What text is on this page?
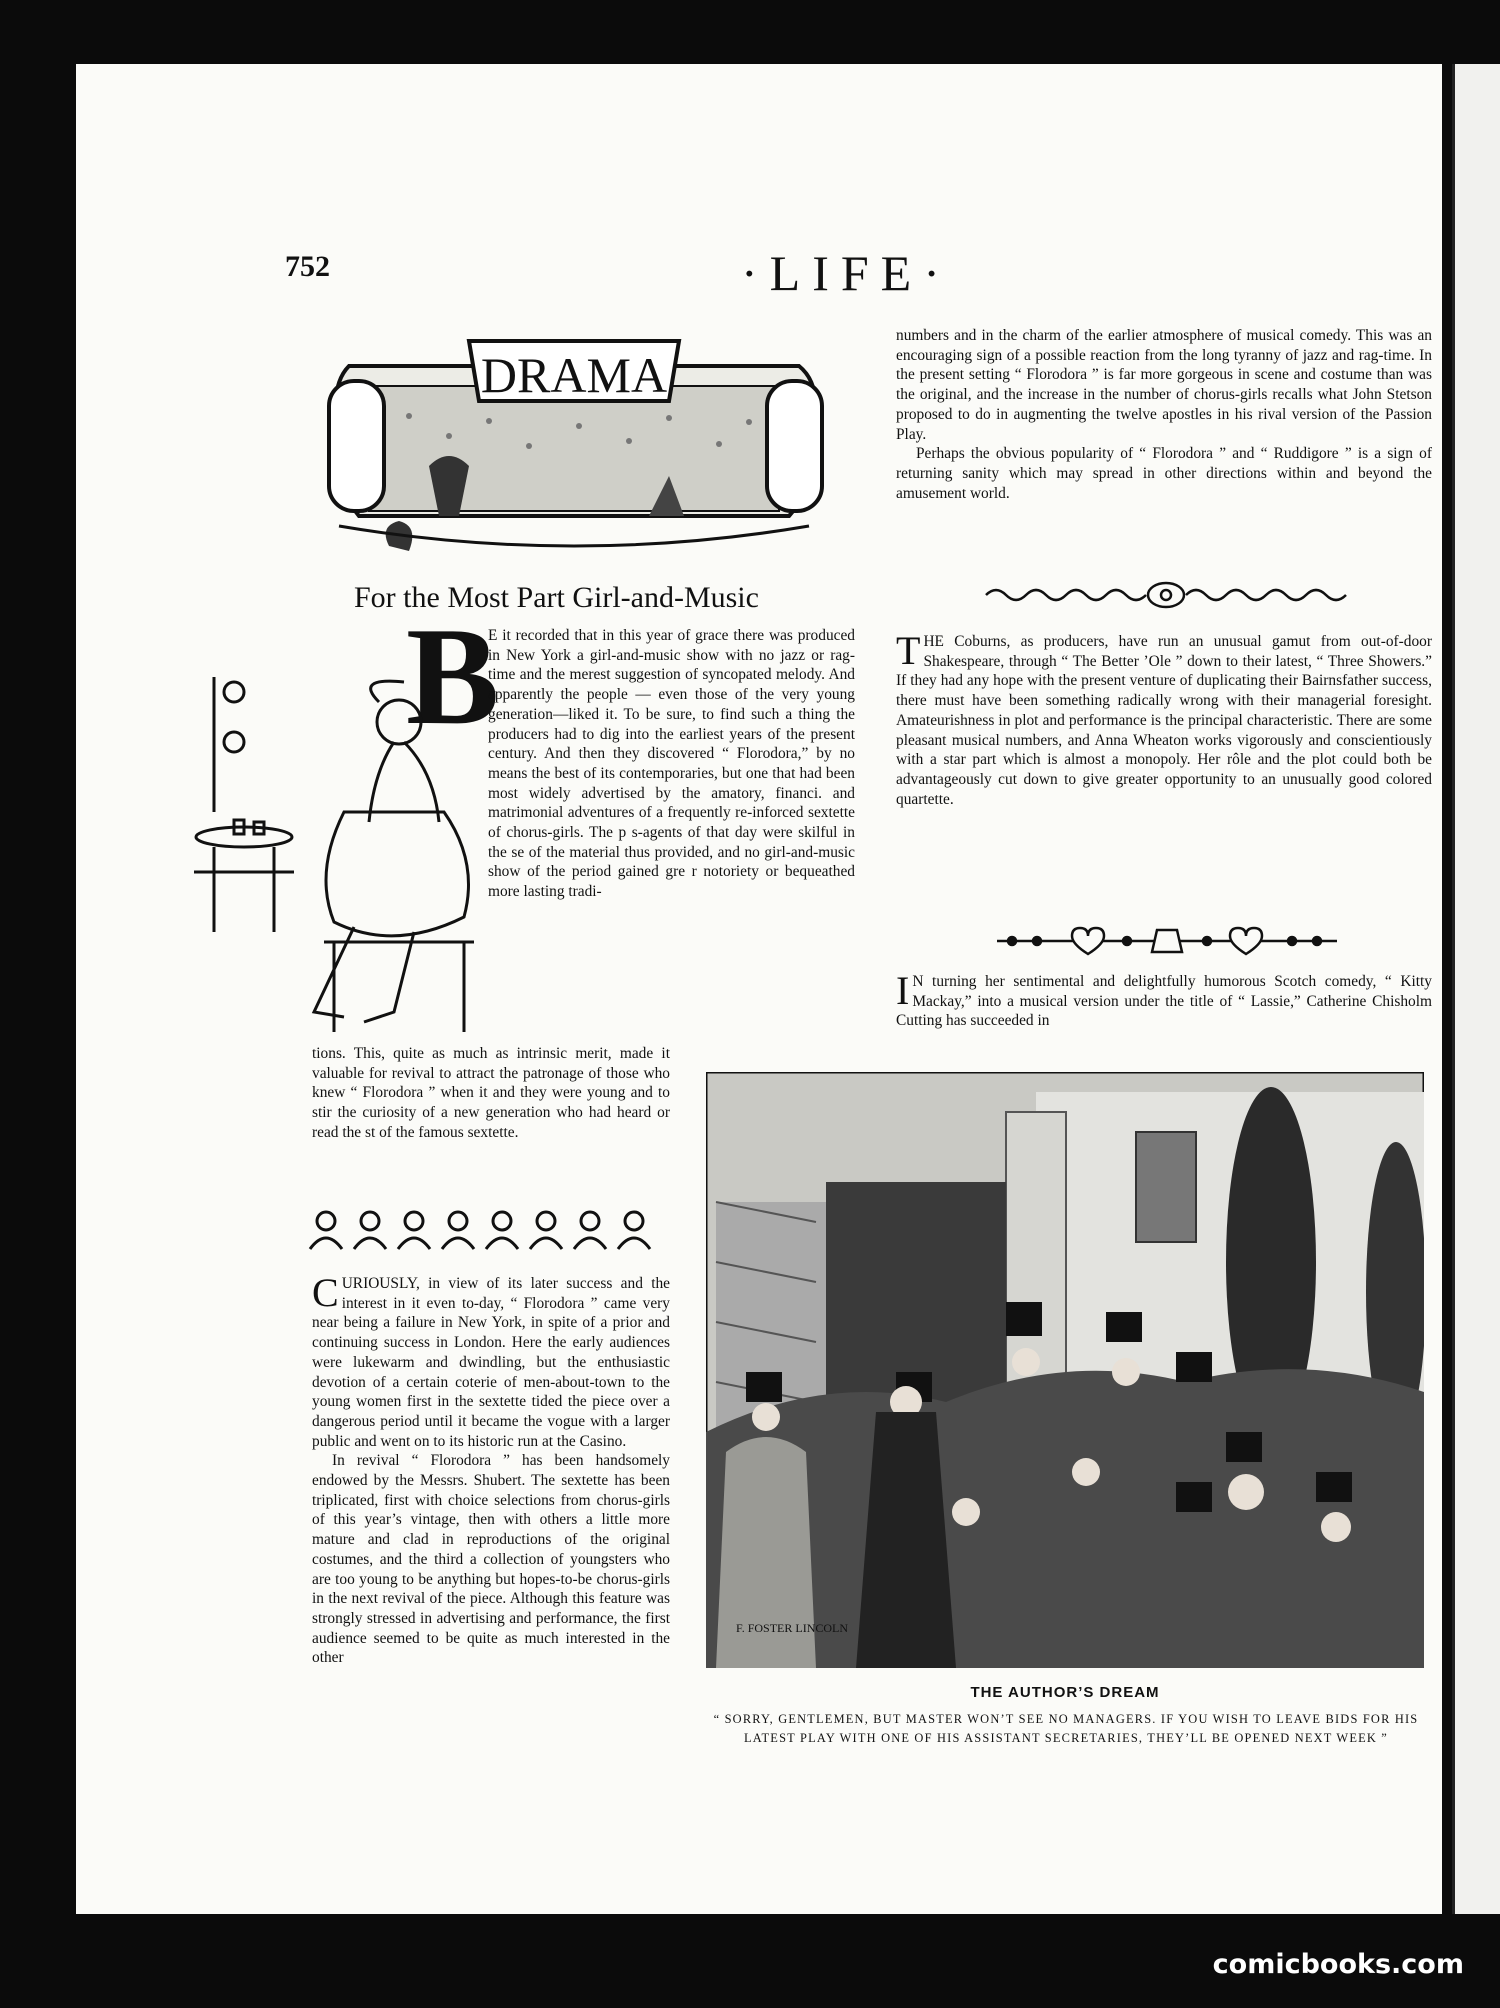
752	·LIFE·
DRAMA
For the Most Part Girl-and-Music
B

E it recorded that in this year of grace there was produced in New York a girl-and-music show with no jazz or rag-time and the merest suggestion of syncopated melody. And apparently the people — even those of the very young generation—liked it. To be sure, to find such a thing the producers had to dig into the earliest years of the present century. And then they discovered “ Florodora,” by no means the best of its contemporaries, but one that had been most widely advertised by the amatory, financi. and matrimonial adventures of a frequently re-inforced sextette of chorus-girls. The p s-agents of that day were skilful in the se of the material thus provided, and no girl-and-music show of the period gained gre r notoriety or bequeathed more lasting tradi-

tions. This, quite as much as intrinsic merit, made it valuable for revival to attract the patronage of those who knew “ Florodora ” when it and they were young and to stir the curiosity of a new generation who had heard or read the st of the famous sextette.

CURIOUSLY, in view of its later success and the interest in it even to-day, “ Florodora ” came very near being a failure in New York, in spite of a prior and continuing success in London. Here the early audiences were lukewarm and dwindling, but the enthusiastic devotion of a certain coterie of men-about-town to the young women first in the sextette tided the piece over a dangerous period until it became the vogue with a larger public and went on to its historic run at the Casino.

In revival “ Florodora ” has been handsomely endowed by the Messrs. Shubert. The sextette has been triplicated, first with choice selections from chorus-girls of this year’s vintage, then with others a little more mature and clad in reproductions of the original costumes, and the third a collection of youngsters who are too young to be anything but hopes-to-be chorus-girls in the next revival of the piece. Although this feature was strongly stressed in advertising and performance, the first audience seemed to be quite as much interested in the other

numbers and in the charm of the earlier atmosphere of musical comedy. This was an encouraging sign of a possible reaction from the long tyranny of jazz and rag-time. In the present setting “ Florodora ” is far more gorgeous in scene and costume than was the original, and the increase in the number of chorus-girls recalls what John Stetson proposed to do in augmenting the twelve apostles in his rival version of the Passion Play.

Perhaps the obvious popularity of “ Florodora ” and “ Ruddigore ” is a sign of returning sanity which may spread in other directions within and beyond the amusement world.

THE Coburns, as producers, have run an unusual gamut from out-of-door Shakespeare, through “ The Better ’Ole ” down to their latest, “ Three Showers.” If they had any hope with the present venture of duplicating their Bairnsfather success, there must have been something radically wrong with their managerial foresight. Amateurishness in plot and performance is the principal characteristic. There are some pleasant musical numbers, and Anna Wheaton works vigorously and conscientiously with a star part which is almost a monopoly. Her rôle and the plot could both be advantageously cut down to give greater opportunity to an unusually good colored quartette.

I N turning her sentimental and delightfully humorous Scotch comedy, “ Kitty Mackay,” into a musical version under the title of “ Lassie,” Catherine Chisholm Cutting has succeeded in

F. FOSTER LINCOLN
THE AUTHOR’S DREAM
“ SORRY, GENTLEMEN, BUT MASTER WON’T SEE NO MANAGERS. IF YOU WISH TO LEAVE BIDS FOR HIS LATEST PLAY WITH ONE OF HIS ASSISTANT SECRETARIES, THEY’LL BE OPENED NEXT WEEK ”
comicbooks.com
